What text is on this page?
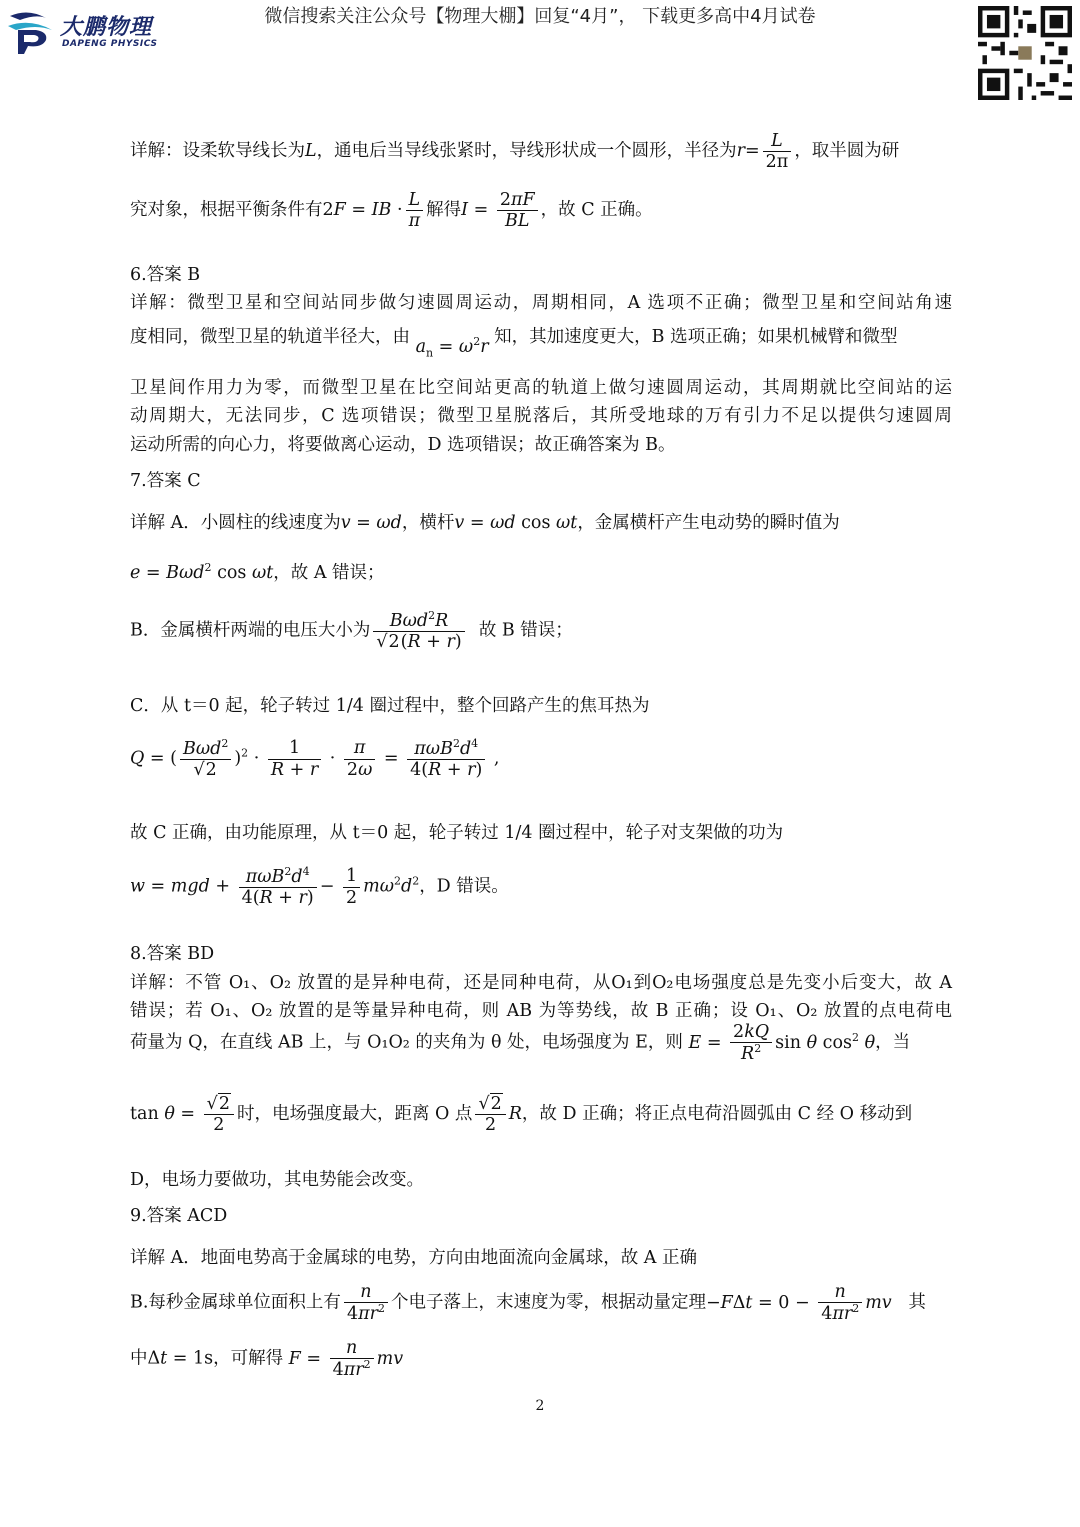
大鹏物理
DAPENG PHYSICS
微信搜索关注公众号【物理大棚】回复“4月”， 下载更多高中4月试卷
详解：设柔软导线长为L，通电后当导线张紧时，导线形状成一个圆形，半径为$r= \frac{L}{2\pi}$ ，取半圆为研
究对象，根据平衡条件有2F = IB · $\frac{L}{\pi}$ 解得$I = \frac{2\pi F}{BL}$ ，故 C 正确。
6.答案 B
详解：微型卫星和空间站同步做匀速圆周运动，周期相同，A 选项不正确；微型卫星和空间站角速
度相同，微型卫星的轨道半径大，由 $a_n = \omega^2r$ 知，其加速度更大，B 选项正确；如果机械臂和微型
卫星间作用力为零，而微型卫星在比空间站更高的轨道上做匀速圆周运动，其周期就比空间站的运
动周期大，无法同步，C 选项错误；微型卫星脱落后，其所受地球的万有引力不足以提供匀速圆周
运动所需的向心力，将要做离心运动，D 选项错误；故正确答案为 B。
7.答案 C
详解 A．小圆柱的线速度为v = ωd，横杆v = ωd cos ωt，金属横杆产生电动势的瞬时值为
e = Bωd$^2$ cos ωt，故 A 错误；
B．金属横杆两端的电压大小为 $\frac{B\omega d^2R}{√2(R + r)}$ 故 B 错误；
C．从 t＝0 起，轮子转过 1/4 圈过程中，整个回路产生的焦耳热为
Q = ( $\frac{B\omega d^2}{√2} )^2 \cdot \frac{1}{R + r} \cdot \frac{\pi}{2\omega} = \frac{\pi\omega B^2d^4}{4(R + r)}$ ,
故 C 正确，由功能原理，从 t＝0 起，轮子转过 1/4 圈过程中，轮子对支架做的功为
w = mgd + $\frac{\pi\omega B^2d^4}{4(R + r)} - \frac{1}{2} m\omega^2d^2$，D 错误。
8.答案 BD
详解：不管 O₁、O₂ 放置的是异种电荷，还是同种电荷，从O₁到O₂电场强度总是先变小后变大，故 A
错误；若 O₁、O₂ 放置的是等量异种电荷，则 AB 为等势线，故 B 正确；设 O₁、O₂ 放置的点电荷电
荷量为 Q，在直线 AB 上，与 O₁O₂ 的夹角为 θ 处，电场强度为 E，则 $E = \frac{2kQ}{R^2}$ sin θ $\cos^2 \theta$，当
$\tan \theta = \frac{√2}{2}$ 时，电场强度最大，距离 O 点 $\frac{√2}{2}$ R，故 D 正确；将正点电荷沿圆弧由 C 经 O 移动到
D，电场力要做功，其电势能会改变。
9.答案 ACD
详解 A．地面电势高于金属球的电势，方向由地面流向金属球，故 A 正确
B.每秒金属球单位面积上有 $\frac{n}{4\pi r^2}$ 个电子落上，末速度为零，根据动量定理$-F\Delta t = 0 - \frac{n}{4\pi r^2}$ mv 其
中Δt = 1s，可解得 $F = \frac{n}{4\pi r^2}$ mv
2
